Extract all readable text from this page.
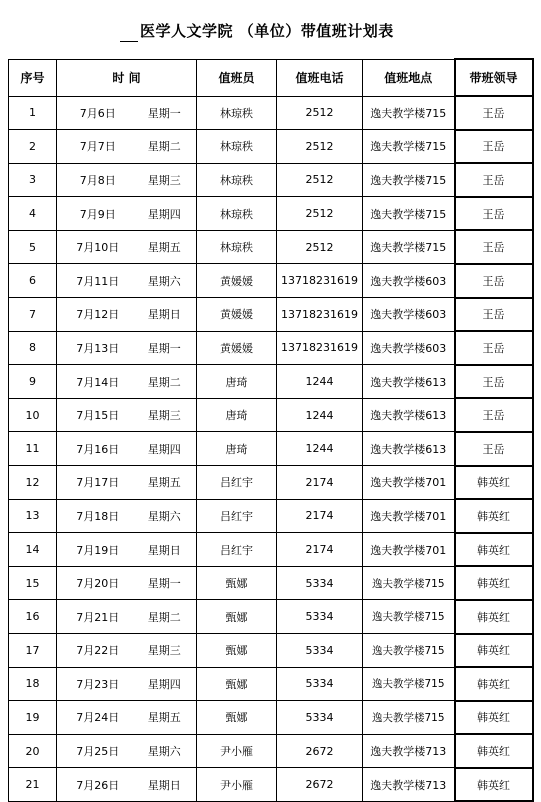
医学人文学院 （单位）带值班计划表
序号	时 间		值班员	值班电话	值班地点	带班领导
1	7月6日	星期一	林琼秩	2512	逸夫教学楼715	王岳
2	7月7日	星期二	林琼秩	2512	逸夫教学楼715	王岳
3	7月8日	星期三	林琼秩	2512	逸夫教学楼715	王岳
4	7月9日	星期四	林琼秩	2512	逸夫教学楼715	王岳
5	7月10日	星期五	林琼秩	2512	逸夫教学楼715	王岳
6	7月11日	星期六	黄媛媛	13718231619	逸夫教学楼603	王岳
7	7月12日	星期日	黄媛媛	13718231619	逸夫教学楼603	王岳
8	7月13日	星期一	黄媛媛	13718231619	逸夫教学楼603	王岳
9	7月14日	星期二	唐琦	1244	逸夫教学楼613	王岳
10	7月15日	星期三	唐琦	1244	逸夫教学楼613	王岳
11	7月16日	星期四	唐琦	1244	逸夫教学楼613	王岳
12	7月17日	星期五	吕红宇	2174	逸夫教学楼701	韩英红
13	7月18日	星期六	吕红宇	2174	逸夫教学楼701	韩英红
14	7月19日	星期日	吕红宇	2174	逸夫教学楼701	韩英红
15	7月20日	星期一	甄娜	5334	逸夫教学楼715	韩英红
16	7月21日	星期二	甄娜	5334	逸夫教学楼715	韩英红
17	7月22日	星期三	甄娜	5334	逸夫教学楼715	韩英红
18	7月23日	星期四	甄娜	5334	逸夫教学楼715	韩英红
19	7月24日	星期五	甄娜	5334	逸夫教学楼715	韩英红
20	7月25日	星期六	尹小雁	2672	逸夫教学楼713	韩英红
21	7月26日	星期日	尹小雁	2672	逸夫教学楼713	韩英红
